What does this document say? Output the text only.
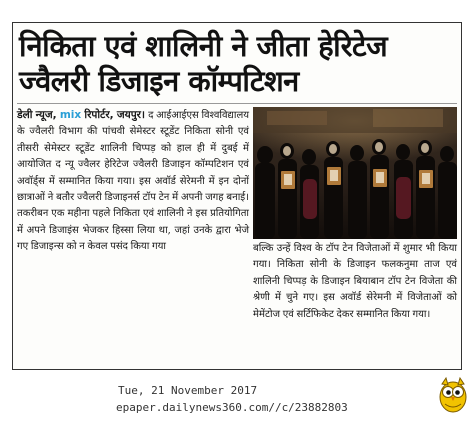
निकिता एवं शालिनी ने जीता हेरिटेज
ज्वैलरी डिजाइन कॉम्पटिशन
डेली न्यूज, mix रिपोर्टर, जयपुर। द आईआईएस विश्वविद्यालय के ज्वैलरी विभाग की पांचवी सेमेस्टर स्टूडेंट निकिता सोनी एवं तीसरी सेमेस्टर स्टूडेंट शालिनी चिप्पड़ को हाल ही में दुबई में आयोजित द न्यू ज्वैलर हेरिटेज ज्वैलरी डिजाइन कॉम्पटिशन एवं अवॉर्ड्स में सम्मानित किया गया। इस अवॉर्ड सेरेमनी में इन दोनों छात्राओं ने बतौर ज्वैलरी डिजाइनर्स टॉप टेन में अपनी जगह बनाई। तकरीबन एक महीना पहले निकिता एवं शालिनी ने इस प्रतियोगिता में अपने डिजाइंस भेजकर हिस्सा लिया था, जहां उनके द्वारा भेजे गए डिजाइन्स को न केवल पसंद किया गया	बल्कि उन्हें विश्व के टॉप टेन विजेताओं में शुमार भी किया गया। निकिता सोनी के डिजाइन फलकनुमा ताज एवं शालिनी चिप्पड़ के डिजाइन बियाबान टॉप टेन विजेता की श्रेणी में चुने गए। इस अवॉर्ड सेरेमनी में विजेताओं को मेमेंटोज एवं सर्टिफिकेट देकर सम्मानित किया गया।
Tue, 21 November 2017
epaper.dailynews360.com//c/23882803
